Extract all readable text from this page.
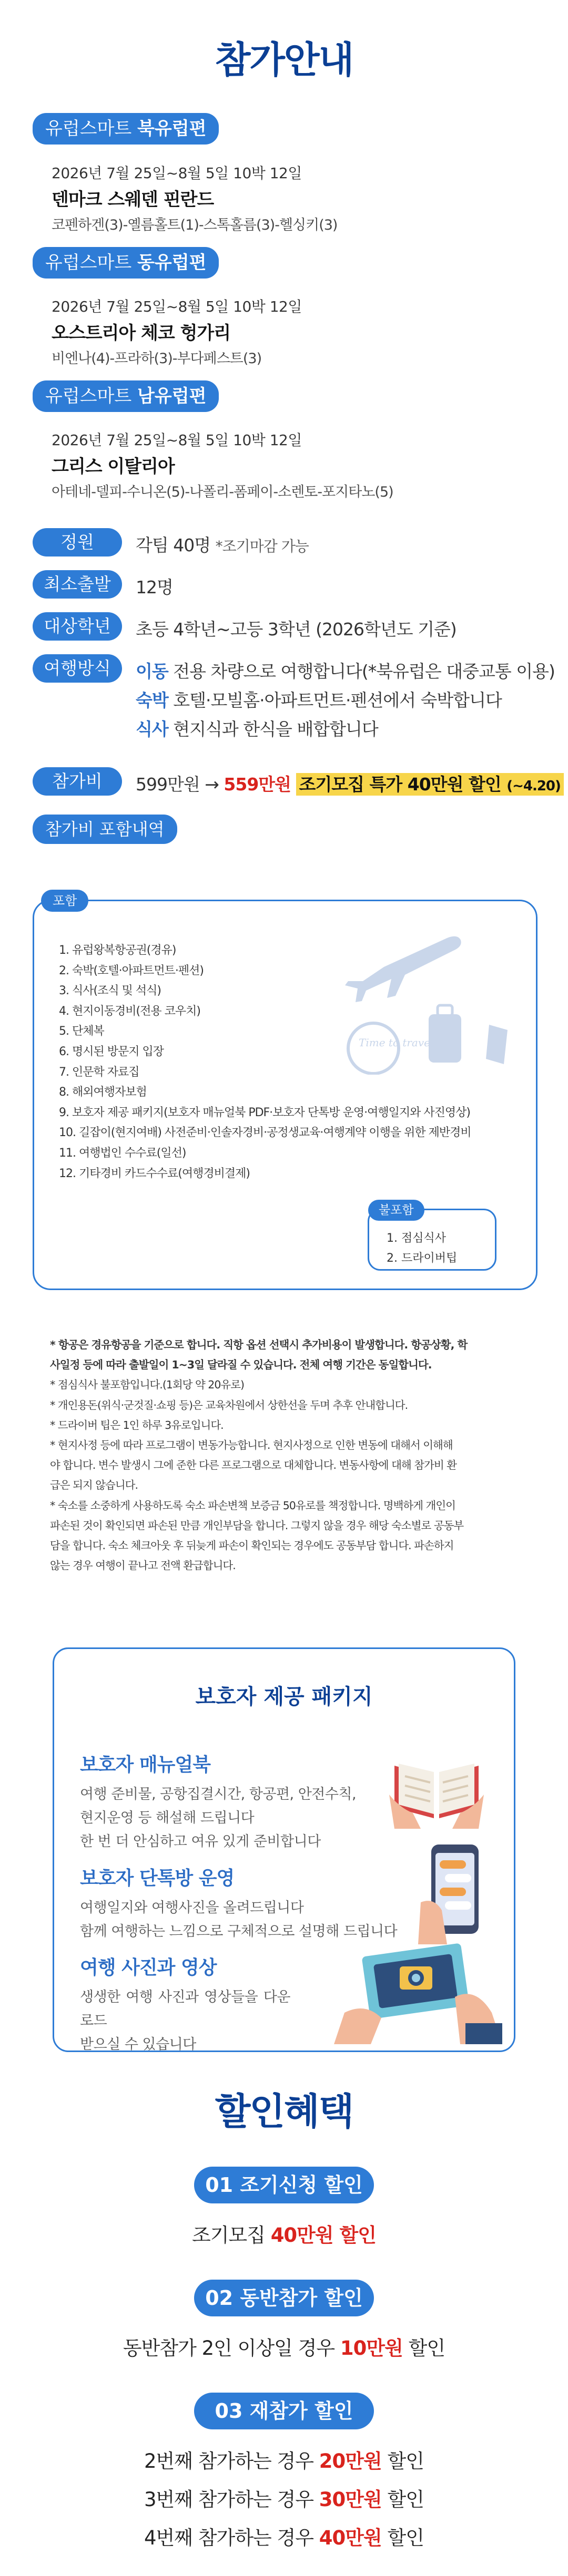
참가안내
유럽스마트 북유럽편
2026년 7월 25일~8월 5일 10박 12일
덴마크 스웨덴 핀란드
코펜하겐(3)-옐름홀트(1)-스톡홀름(3)-헬싱키(3)
유럽스마트 동유럽편
2026년 7월 25일~8월 5일 10박 12일
오스트리아 체코 헝가리
비엔나(4)-프라하(3)-부다페스트(3)
유럽스마트 남유럽편
2026년 7월 25일~8월 5일 10박 12일
그리스 이탈리아
아테네-델피-수니온(5)-나폴리-폼페이-소렌토-포지타노(5)
정원	각팀 40명 *조기마감 가능
최소출발	12명
대상학년	초등 4학년~고등 3학년 (2026학년도 기준)
여행방식	이동 전용 차량으로 여행합니다(*북유럽은 대중교통 이용)
숙박 호텔·모빌홈·아파트먼트·펜션에서 숙박합니다
식사 현지식과 한식을 배합합니다
참가비	599만원 → 559만원 조기모집 특가 40만원 할인 (~4.20)
참가비 포함내역
포함
1. 유럽왕복항공권(경유)
2. 숙박(호텔·아파트먼트·펜션)
3. 식사(조식 및 석식)
4. 현지이동경비(전용 코우치)
5. 단체복
6. 명시된 방문지 입장
7. 인문학 자료집
8. 해외여행자보험
9. 보호자 제공 패키지(보호자 매뉴얼북 PDF·보호자 단톡방 운영·여행일지와 사진영상)
10. 길잡이(현지여배) 사전준비·인솔자경비·공정생교육·여행계약 이행을 위한 제반경비
11. 여행법인 수수료(일선)
12. 기타경비 카드수수료(여행경비결제)
Time to travel
불포함
1. 점심식사
2. 드라이버팁

* 항공은 경유항공을 기준으로 합니다. 직항 옵션 선택시 추가비용이 발생합니다. 항공상황, 학

사일정 등에 따라 출발일이 1~3일 달라질 수 있습니다. 전체 여행 기간은 동일합니다.

* 점심식사 불포함입니다.(1회당 약 20유로)

* 개인용돈(위식·군것질·쇼핑 등)은 교육차원에서 상한선을 두며 추후 안내합니다.

* 드라이버 팁은 1인 하루 3유로입니다.

* 현지사정 등에 따라 프로그램이 변동가능합니다. 현지사정으로 인한 변동에 대해서 이해해

야 합니다. 변수 발생시 그에 준한 다른 프로그램으로 대체합니다. 변동사항에 대해 참가비 환

급은 되지 않습니다.

* 숙소를 소중하게 사용하도록 숙소 파손변책 보증금 50유로를 책정합니다. 명백하게 개인이

파손된 것이 확인되면 파손된 만큼 개인부담을 합니다. 그렇지 않을 경우 해당 숙소별로 공동부

담을 합니다. 숙소 체크아웃 후 뒤늦게 파손이 확인되는 경우에도 공동부담 합니다. 파손하지

않는 경우 여행이 끝나고 전액 환급합니다.

보호자 제공 패키지
보호자 매뉴얼북
여행 준비물, 공항집결시간, 항공편, 안전수칙,
현지운영 등 해설해 드립니다
한 번 더 안심하고 여유 있게 준비합니다
보호자 단톡방 운영
여행일지와 여행사진을 올려드립니다
함께 여행하는 느낌으로 구체적으로 설명해 드립니다
여행 사진과 영상
생생한 여행 사진과 영상들을 다운로드
받으실 수 있습니다
할인혜택
01 조기신청 할인
조기모집 40만원 할인
02 동반참가 할인
동반참가 2인 이상일 경우 10만원 할인
03 재참가 할인
2번째 참가하는 경우 20만원 할인
3번째 참가하는 경우 30만원 할인
4번째 참가하는 경우 40만원 할인
